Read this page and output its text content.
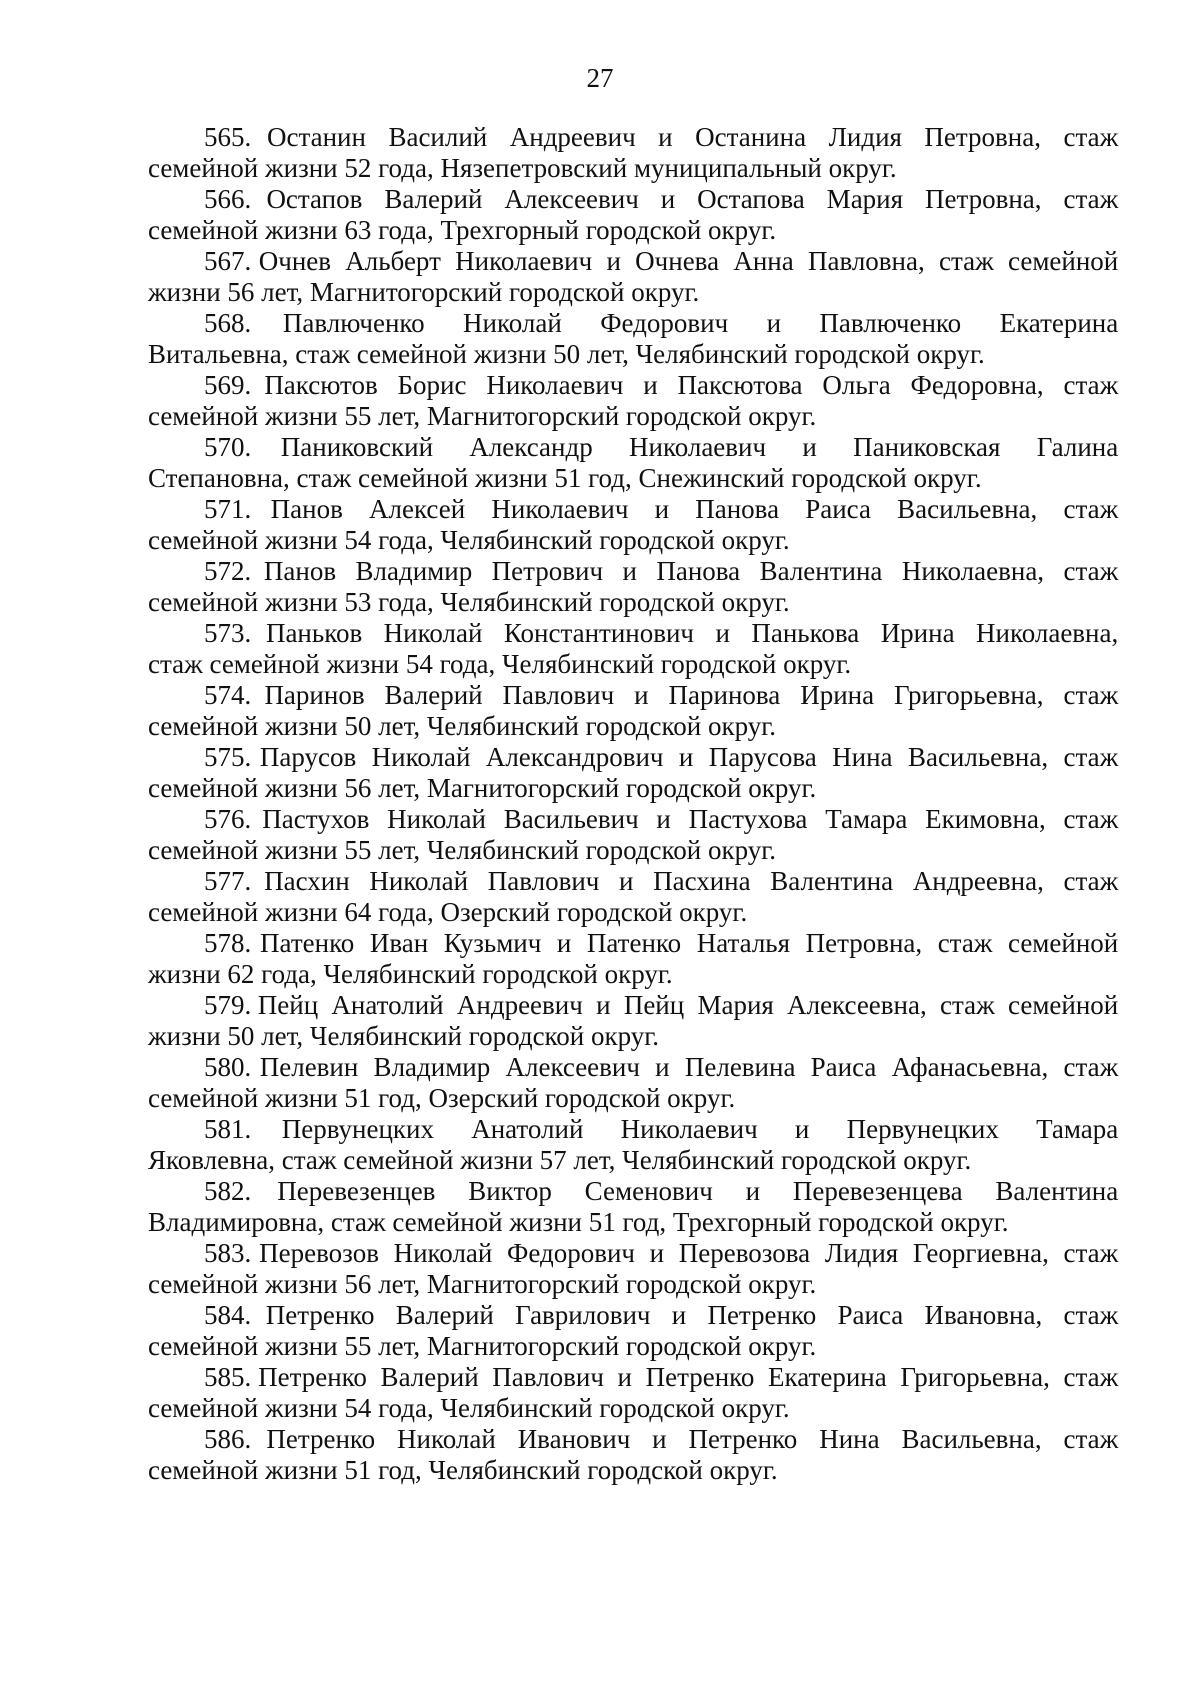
27
565. Останин Василий Андреевич и Останина Лидия Петровна, стаж
семейной жизни 52 года, Нязепетровский муниципальный округ.
566. Остапов Валерий Алексеевич и Остапова Мария Петровна, стаж
семейной жизни 63 года, Трехгорный городской округ.
567. Очнев Альберт Николаевич и Очнева Анна Павловна, стаж семейной
жизни 56 лет, Магнитогорский городской округ.
568. Павлюченко Николай Федорович и Павлюченко Екатерина
Витальевна, стаж семейной жизни 50 лет, Челябинский городской округ.
569. Паксютов Борис Николаевич и Паксютова Ольга Федоровна, стаж
семейной жизни 55 лет, Магнитогорский городской округ.
570. Паниковский Александр Николаевич и Паниковская Галина
Степановна, стаж семейной жизни 51 год, Снежинский городской округ.
571. Панов Алексей Николаевич и Панова Раиса Васильевна, стаж
семейной жизни 54 года, Челябинский городской округ.
572. Панов Владимир Петрович и Панова Валентина Николаевна, стаж
семейной жизни 53 года, Челябинский городской округ.
573. Паньков Николай Константинович и Панькова Ирина Николаевна,
стаж семейной жизни 54 года, Челябинский городской округ.
574. Паринов Валерий Павлович и Паринова Ирина Григорьевна, стаж
семейной жизни 50 лет, Челябинский городской округ.
575. Парусов Николай Александрович и Парусова Нина Васильевна, стаж
семейной жизни 56 лет, Магнитогорский городской округ.
576. Пастухов Николай Васильевич и Пастухова Тамара Екимовна, стаж
семейной жизни 55 лет, Челябинский городской округ.
577. Пасхин Николай Павлович и Пасхина Валентина Андреевна, стаж
семейной жизни 64 года, Озерский городской округ.
578. Патенко Иван Кузьмич и Патенко Наталья Петровна, стаж семейной
жизни 62 года, Челябинский городской округ.
579. Пейц Анатолий Андреевич и Пейц Мария Алексеевна, стаж семейной
жизни 50 лет, Челябинский городской округ.
580. Пелевин Владимир Алексеевич и Пелевина Раиса Афанасьевна, стаж
семейной жизни 51 год, Озерский городской округ.
581. Первунецких Анатолий Николаевич и Первунецких Тамара
Яковлевна, стаж семейной жизни 57 лет, Челябинский городской округ.
582. Перевезенцев Виктор Семенович и Перевезенцева Валентина
Владимировна, стаж семейной жизни 51 год, Трехгорный городской округ.
583. Перевозов Николай Федорович и Перевозова Лидия Георгиевна, стаж
семейной жизни 56 лет, Магнитогорский городской округ.
584. Петренко Валерий Гаврилович и Петренко Раиса Ивановна, стаж
семейной жизни 55 лет, Магнитогорский городской округ.
585. Петренко Валерий Павлович и Петренко Екатерина Григорьевна, стаж
семейной жизни 54 года, Челябинский городской округ.
586. Петренко Николай Иванович и Петренко Нина Васильевна, стаж
семейной жизни 51 год, Челябинский городской округ.
